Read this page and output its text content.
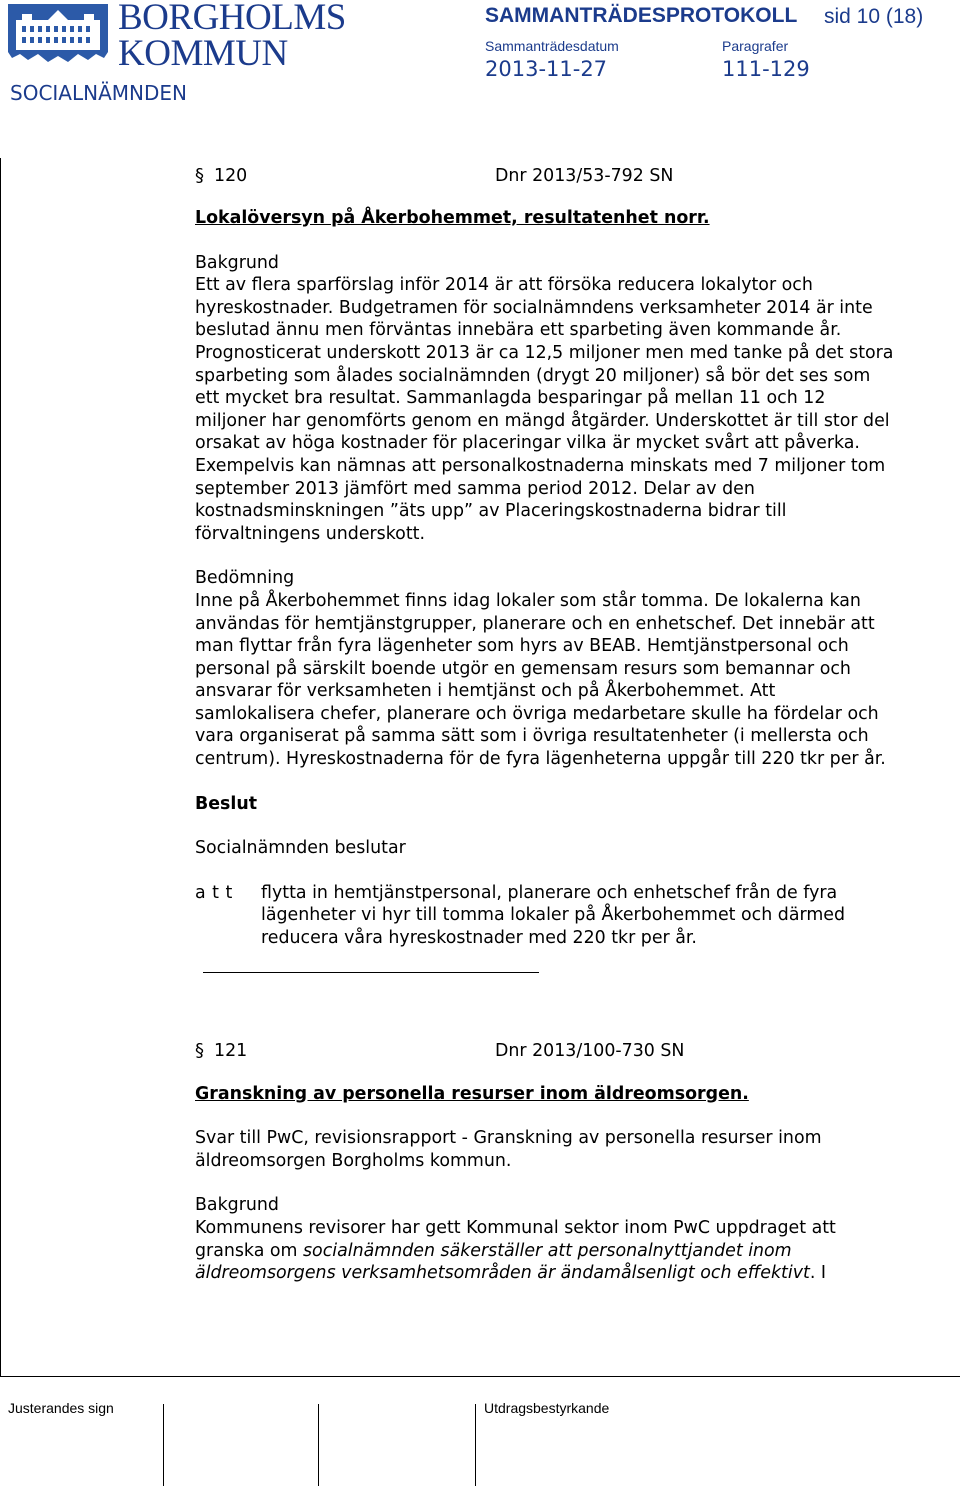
BORGHOLMS
KOMMUN
SOCIALNÄMNDEN
SAMMANTRÄDESPROTOKOLL sid 10 (18)
Sammanträdesdatum	Paragrafer
2013-11-27	111-129

§ 120	Dnr 2013/53-792 SN

Lokalöversyn på Åkerbohemmet, resultatenhet norr.

Bakgrund

Ett av flera sparförslag inför 2014 är att försöka reducera lokalytor och hyreskostnader. Budgetramen för socialnämndens verksamheter 2014 är inte beslutad ännu men förväntas innebära ett sparbeting även kommande år. Prognosticerat underskott 2013 är ca 12,5 miljoner men med tanke på det stora sparbeting som ålades socialnämnden (drygt 20 miljoner) så bör det ses som ett mycket bra resultat. Sammanlagda besparingar på mellan 11 och 12 miljoner har genomförts genom en mängd åtgärder. Underskottet är till stor del orsakat av höga kostnader för placeringar vilka är mycket svårt att påverka. Exempelvis kan nämnas att personalkostnaderna minskats med 7 miljoner tom september 2013 jämfört med samma period 2012. Delar av den kostnadsminskningen ”äts upp” av Placeringskostnaderna bidrar till förvaltningens underskott.

Bedömning

Inne på Åkerbohemmet finns idag lokaler som står tomma. De lokalerna kan användas för hemtjänstgrupper, planerare och en enhetschef. Det innebär att man flyttar från fyra lägenheter som hyrs av BEAB. Hemtjänstpersonal och personal på särskilt boende utgör en gemensam resurs som bemannar och ansvarar för verksamheten i hemtjänst och på Åkerbohemmet. Att samlokalisera chefer, planerare och övriga medarbetare skulle ha fördelar och vara organiserat på samma sätt som i övriga resultatenheter (i mellersta och centrum). Hyreskostnaderna för de fyra lägenheterna uppgår till 220 tkr per år.

Beslut

Socialnämnden beslutar

a t t	flytta in hemtjänstpersonal, planerare och enhetschef från de fyra lägenheter vi hyr till tomma lokaler på Åkerbohemmet och därmed reducera våra hyreskostnader med 220 tkr per år.

§ 121	Dnr 2013/100-730 SN

Granskning av personella resurser inom äldreomsorgen.

Svar till PwC, revisionsrapport - Granskning av personella resurser inom äldreomsorgen Borgholms kommun.

Bakgrund

Kommunens revisorer har gett Kommunal sektor inom PwC uppdraget att granska om socialnämnden säkerställer att personalnyttjandet inom äldreomsorgens verksamhetsområden är ändamålsenligt och effektivt. I

Justerandes sign	Utdragsbestyrkande
